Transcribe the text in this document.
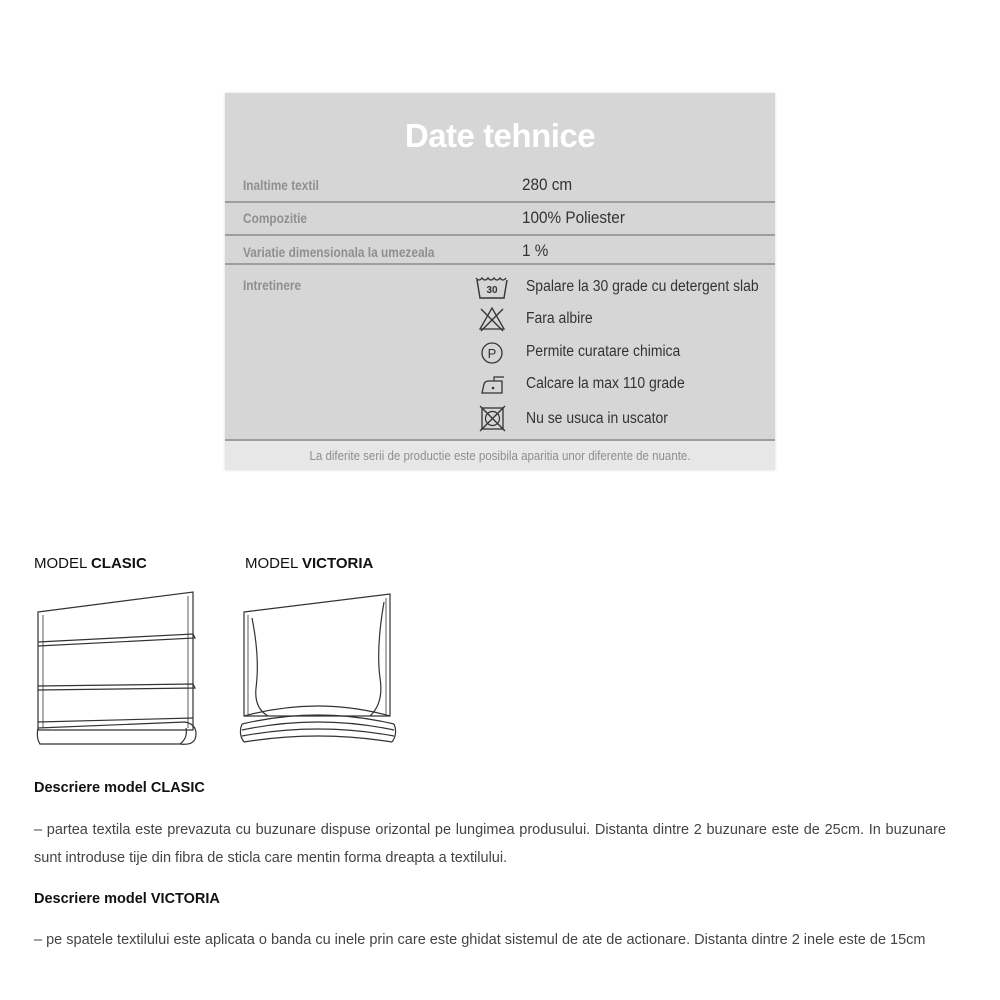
Date tehnice
Inaltime textil	280 cm
Compozitie	100% Poliester
Variatie dimensionala la umezeala	1 %
Intretinere	30 Spalare la 30 grade cu detergent slab
Fara albire
P Permite curatare chimica
Calcare la max 110 grade
Nu se usuca in uscator
La diferite serii de productie este posibila aparitia unor diferente de nuante.
MODEL CLASIC	MODEL VICTORIA
Descriere model CLASIC
– partea textila este prevazuta cu buzunare dispuse orizontal pe lungimea produsului. Distanta dintre 2 buzunare este de 25cm. In buzunare sunt introduse tije din fibra de sticla care mentin forma dreapta a textilului.
Descriere model VICTORIA
– pe spatele textilului este aplicata o banda cu inele prin care este ghidat sistemul de ate de actionare. Distanta dintre 2 inele este de 15cm
